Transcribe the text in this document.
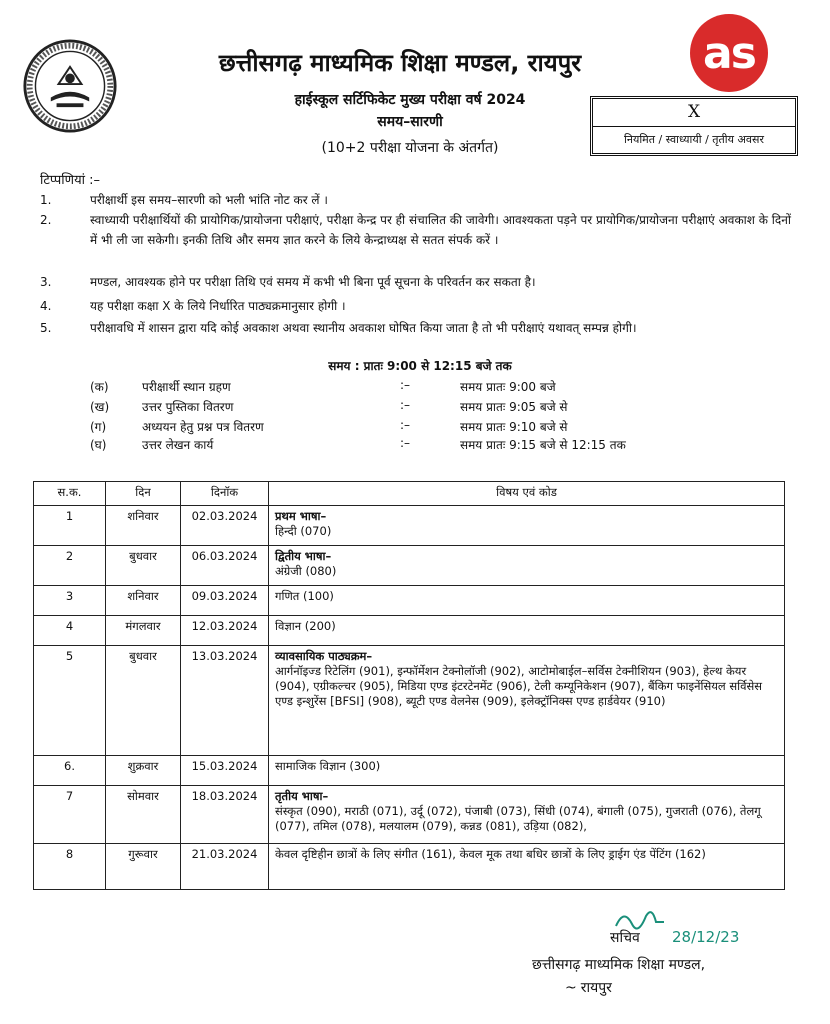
as
छत्तीसगढ़ माध्यमिक शिक्षा मण्डल, रायपुर
हाईस्कूल सर्टिफिकेट मुख्य परीक्षा वर्ष 2024
समय–सारणी
(10+2 परीक्षा योजना के अंतर्गत)
X
नियमित / स्वाध्यायी / तृतीय अवसर
टिप्पणियां :–
1.	परीक्षार्थी इस समय–सारणी को भली भांति नोट कर लें ।
2.	स्वाध्यायी परीक्षार्थियों की प्रायोगिक/प्रायोजना परीक्षाएं, परीक्षा केन्द्र पर ही संचालित की जावेगी। आवश्यकता पड़ने पर प्रायोगिक/प्रायोजना परीक्षाएं अवकाश के दिनों में भी ली जा सकेगी। इनकी तिथि और समय ज्ञात करने के लिये केन्द्राध्यक्ष से सतत संपर्क करें ।
3.	मण्डल, आवश्यक होने पर परीक्षा तिथि एवं समय में कभी भी बिना पूर्व सूचना के परिवर्तन कर सकता है।
4.	यह परीक्षा कक्षा X के लिये निर्धारित पाठ्यक्रमानुसार होगी ।
5.	परीक्षावधि में शासन द्वारा यदि कोई अवकाश अथवा स्थानीय अवकाश घोषित किया जाता है तो भी परीक्षाएं यथावत् सम्पन्न होगी।
समय : प्रातः 9:00 से 12:15 बजे तक
(क)	परीक्षार्थी स्थान ग्रहण	:–	समय प्रातः 9:00 बजे
(ख)	उत्तर पुस्तिका वितरण	:–	समय प्रातः 9:05 बजे से
(ग)	अध्ययन हेतु प्रश्न पत्र वितरण	:–	समय प्रातः 9:10 बजे से
(घ)	उत्तर लेखन कार्य	:–	समय प्रातः 9:15 बजे से 12:15 तक
स.क.	दिन	दिनॉक	विषय एवं कोड
1	शनिवार	02.03.2024	प्रथम भाषा–
हिन्दी (070)

2	बुधवार	06.03.2024	द्वितीय भाषा–
अंग्रेजी (080)

3	शनिवार	09.03.2024	गणित (100)
4	मंगलवार	12.03.2024	विज्ञान (200)
5	बुधवार	13.03.2024	व्यावसायिक पाठ्यक्रम–
आर्गनॉइज्ड रिटेलिंग (901), इन्फॉर्मेशन टेक्नोलॉजी (902), आटोमोबाईल–सर्विस टेक्नीशियन (903), हेल्थ केयर (904), एग्रीकल्चर (905), मिडिया एण्ड इंटरटेनमेंट (906), टेली कम्यूनिकेशन (907), बैंकिग फाइनेंसियल सर्विसेस एण्ड इन्शुरेंस [BFSI] (908), ब्यूटी एण्ड वेलनेस (909), इलेक्ट्रॉनिक्स एण्ड हार्डवेयर (910)

6.	शुक्रवार	15.03.2024	सामाजिक विज्ञान (300)
7	सोमवार	18.03.2024	तृतीय भाषा–
संस्कृत (090), मराठी (071), उर्दू (072), पंजाबी (073), सिंधी (074), बंगाली (075), गुजराती (076), तेलगू (077), तमिल (078), मलयालम (079), कन्नड (081), उड़िया (082),

8	गुरूवार	21.03.2024	केवल दृष्टिहीन छात्रों के लिए संगीत (161), केवल मूक तथा बधिर छात्रों के लिए ड्राईग एंड पेंटिंग (162)
28/12/23
सचिव
छत्तीसगढ़ माध्यमिक शिक्षा मण्डल,
~ रायपुर
